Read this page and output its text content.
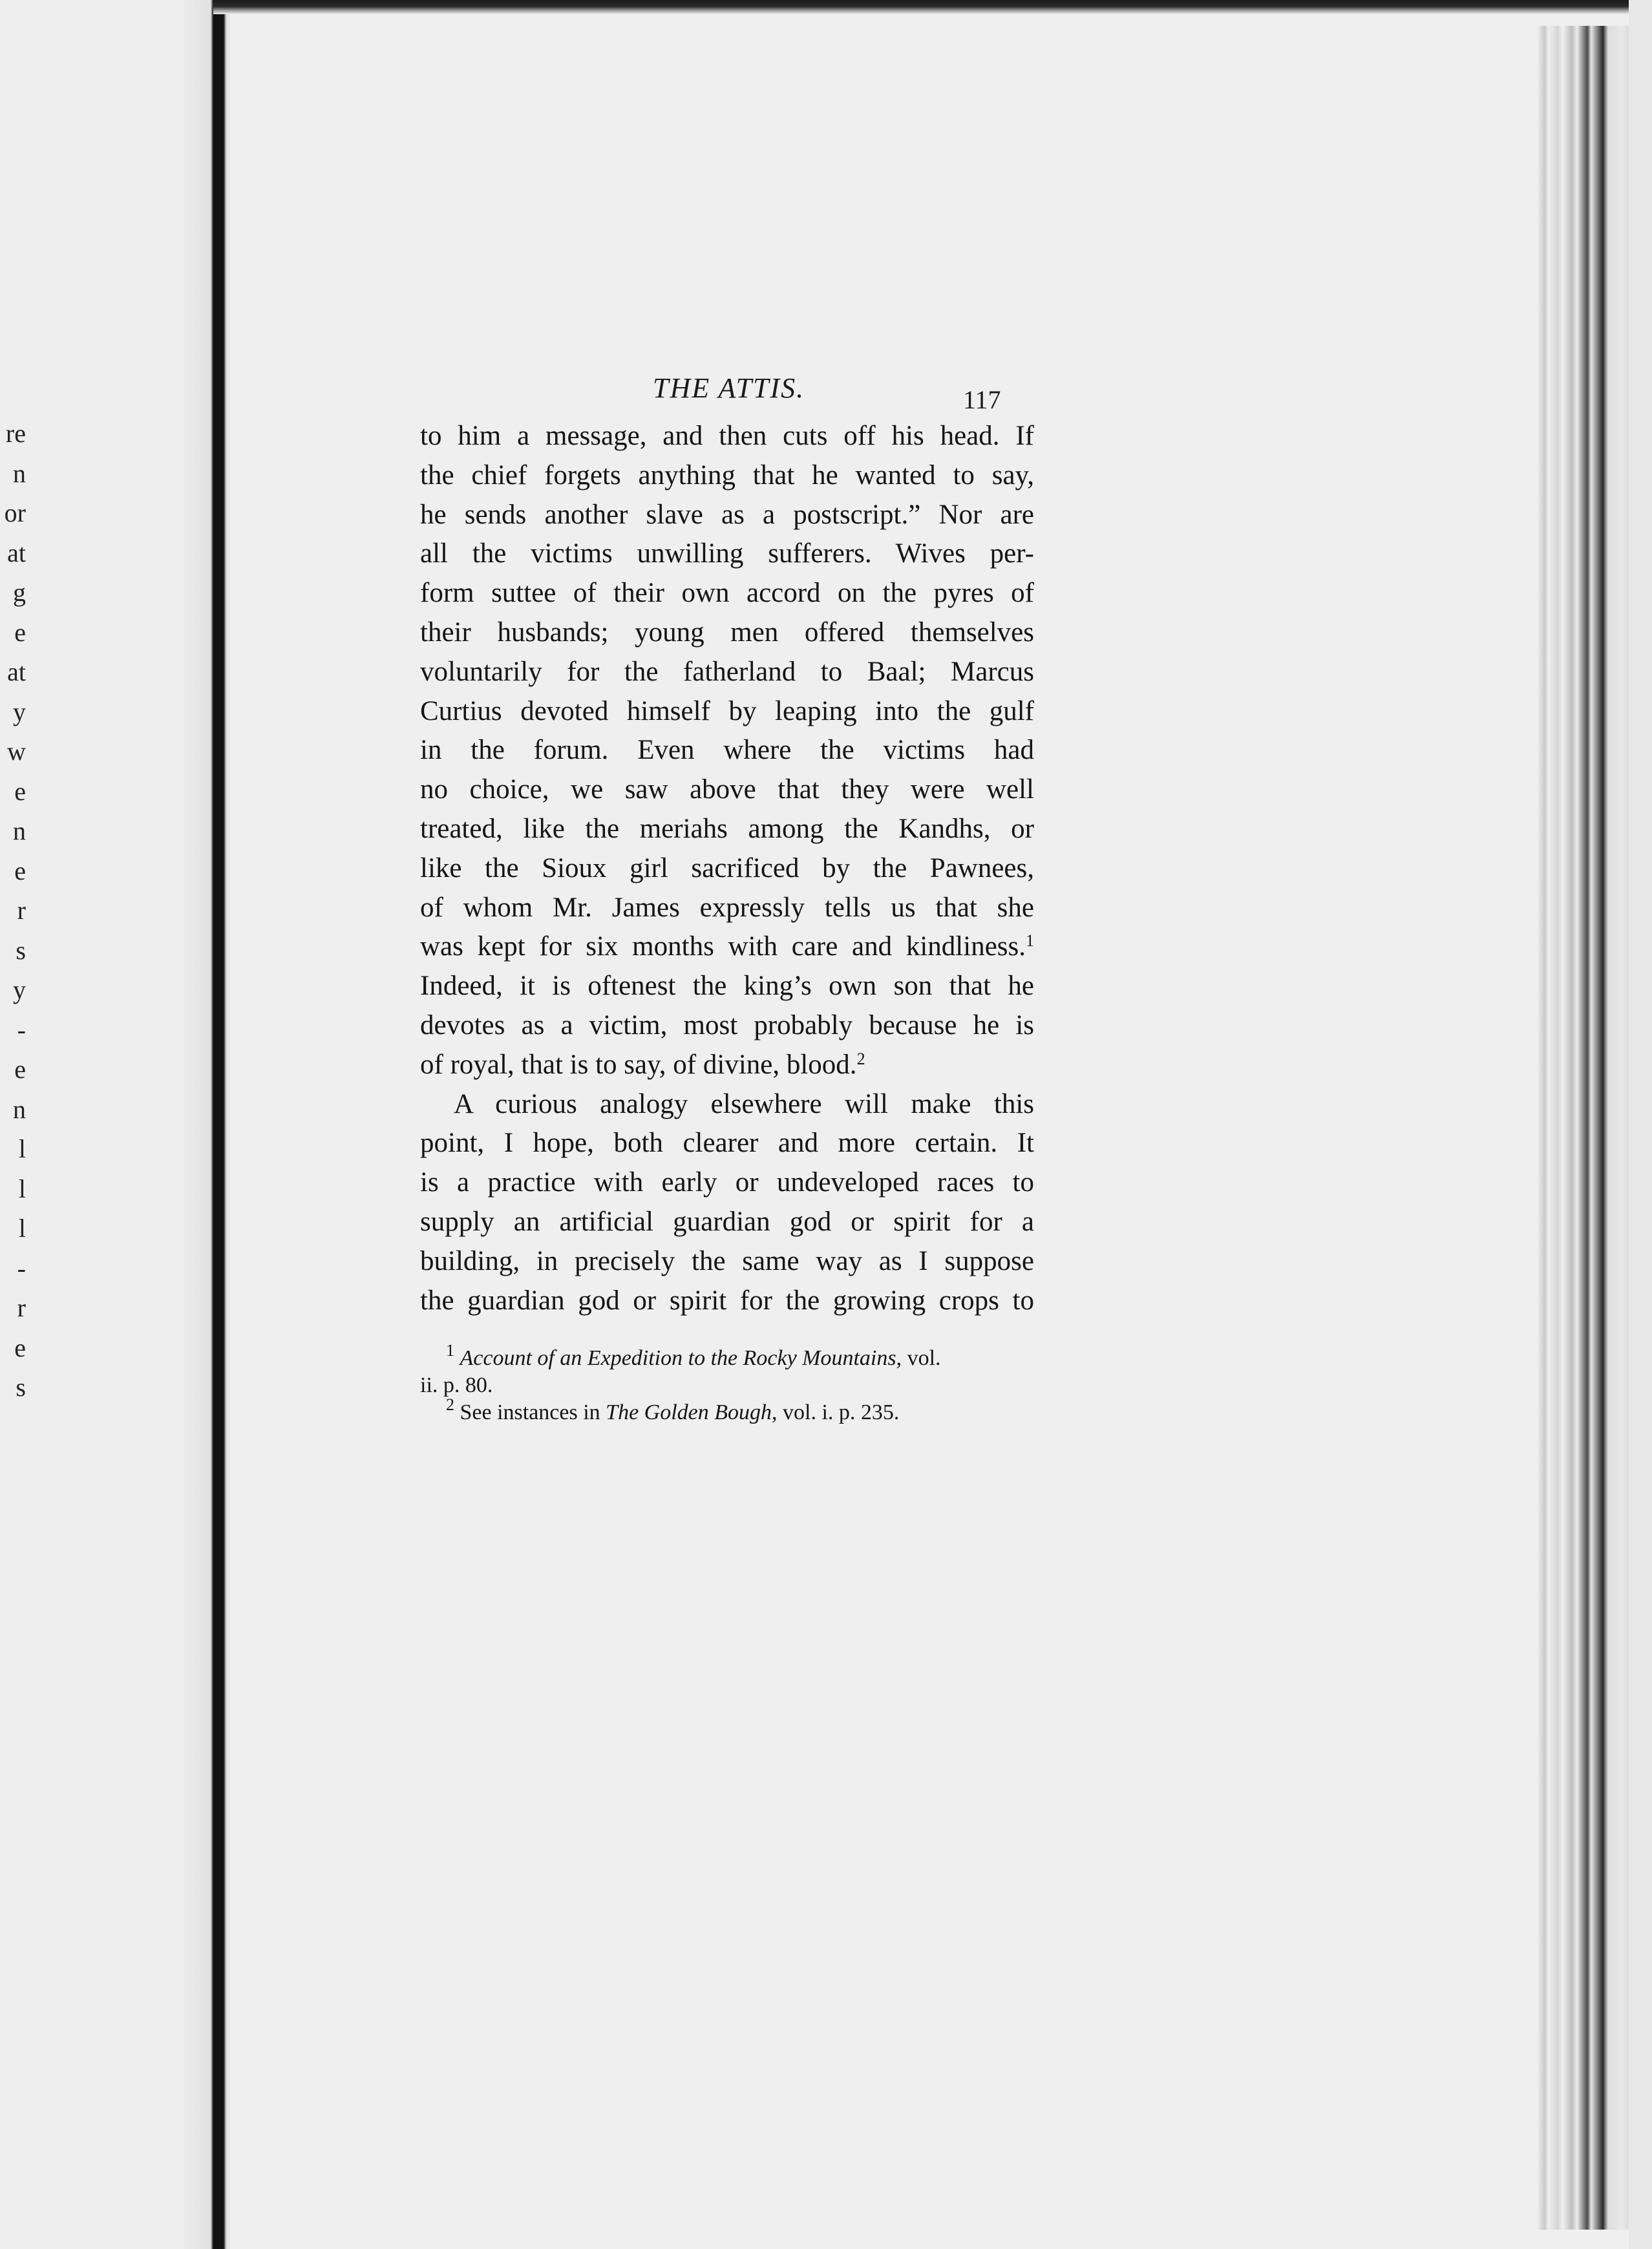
re
n
or
at
g
e
at
y
w
e
n
e
r
s
y
-
e
n
l
l
l
-
r
e
s
THE ATTIS.	117
to him a message, and then cuts off his head. If
the chief forgets anything that he wanted to say,
he sends another slave as a postscript.” Nor are
all the victims unwilling sufferers. Wives per-
form suttee of their own accord on the pyres of
their husbands; young men offered themselves
voluntarily for the fatherland to Baal; Marcus
Curtius devoted himself by leaping into the gulf
in the forum. Even where the victims had
no choice, we saw above that they were well
treated, like the meriahs among the Kandhs, or
like the Sioux girl sacrificed by the Pawnees,
of whom Mr. James expressly tells us that she
was kept for six months with care and kindliness.$^1$
Indeed, it is oftenest the king’s own son that he
devotes as a victim, most probably because he is
of royal, that is to say, of divine, blood.$^2$
A curious analogy elsewhere will make this
point, I hope, both clearer and more certain. It
is a practice with early or undeveloped races to
supply an artificial guardian god or spirit for a
building, in precisely the same way as I suppose
the guardian god or spirit for the growing crops to
$^1$ Account of an Expedition to the Rocky Mountains, vol.
ii. p. 80.
$^2$ See instances in The Golden Bough, vol. i. p. 235.
